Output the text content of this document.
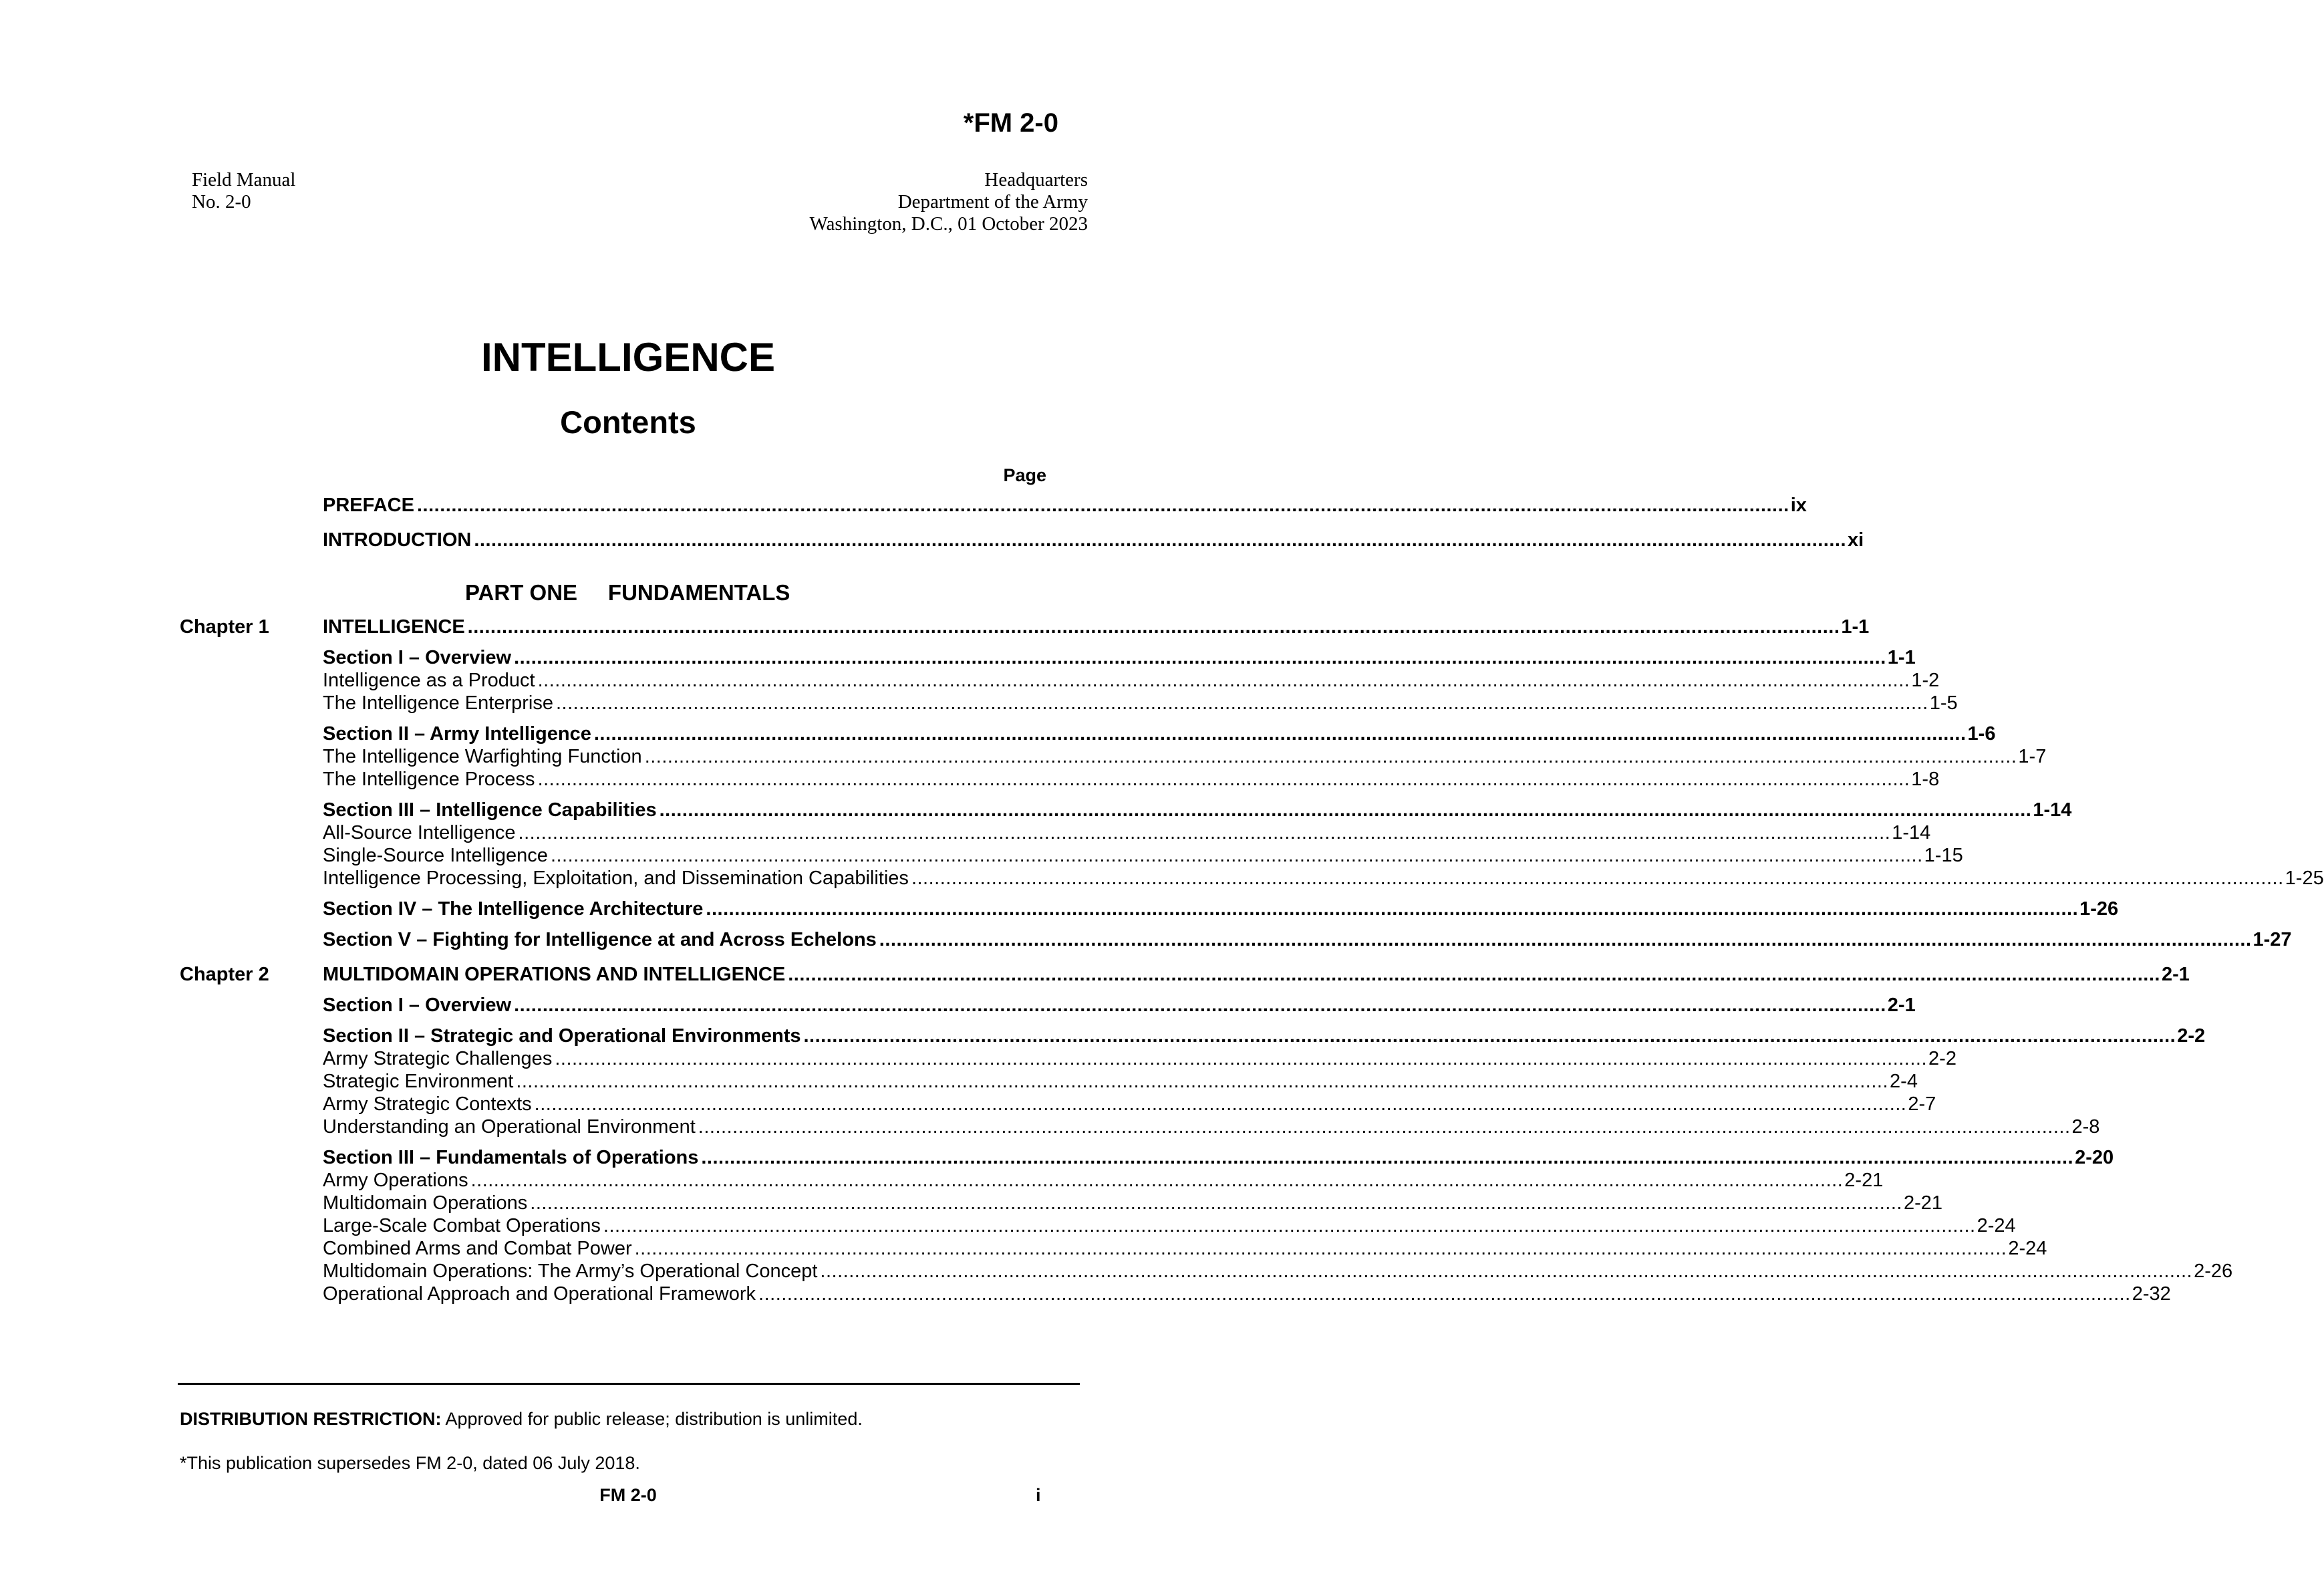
*FM 2-0
Field Manual
No. 2-0
Headquarters
Department of the Army
Washington, D.C., 01 October 2023
INTELLIGENCE
Contents
Page
PREFACE ................................................................................................................................................................................................................................................ ix
INTRODUCTION ................................................................................................................................................................................................................................................ xi
PART ONE FUNDAMENTALS
Chapter 1	INTELLIGENCE ................................................................................................................................................................................................................................................ 1-1
Section I – Overview ................................................................................................................................................................................................................................................ 1-1
Intelligence as a Product ................................................................................................................................................................................................................................................ 1-2
The Intelligence Enterprise ................................................................................................................................................................................................................................................ 1-5
Section II – Army Intelligence ................................................................................................................................................................................................................................................ 1-6
The Intelligence Warfighting Function ................................................................................................................................................................................................................................................ 1-7
The Intelligence Process ................................................................................................................................................................................................................................................ 1-8
Section III – Intelligence Capabilities ................................................................................................................................................................................................................................................ 1-14
All-Source Intelligence ................................................................................................................................................................................................................................................ 1-14
Single-Source Intelligence ................................................................................................................................................................................................................................................ 1-15
Intelligence Processing, Exploitation, and Dissemination Capabilities ................................................................................................................................................................................................................................................ 1-25
Section IV – The Intelligence Architecture ................................................................................................................................................................................................................................................ 1-26
Section V – Fighting for Intelligence at and Across Echelons ................................................................................................................................................................................................................................................ 1-27
Chapter 2	MULTIDOMAIN OPERATIONS AND INTELLIGENCE ................................................................................................................................................................................................................................................ 2-1
Section I – Overview ................................................................................................................................................................................................................................................ 2-1
Section II – Strategic and Operational Environments ................................................................................................................................................................................................................................................ 2-2
Army Strategic Challenges ................................................................................................................................................................................................................................................ 2-2
Strategic Environment ................................................................................................................................................................................................................................................ 2-4
Army Strategic Contexts ................................................................................................................................................................................................................................................ 2-7
Understanding an Operational Environment ................................................................................................................................................................................................................................................ 2-8
Section III – Fundamentals of Operations ................................................................................................................................................................................................................................................ 2-20
Army Operations ................................................................................................................................................................................................................................................ 2-21
Multidomain Operations ................................................................................................................................................................................................................................................ 2-21
Large-Scale Combat Operations ................................................................................................................................................................................................................................................ 2-24
Combined Arms and Combat Power ................................................................................................................................................................................................................................................ 2-24
Multidomain Operations: The Army’s Operational Concept ................................................................................................................................................................................................................................................ 2-26
Operational Approach and Operational Framework ................................................................................................................................................................................................................................................ 2-32
DISTRIBUTION RESTRICTION: Approved for public release; distribution is unlimited.
*This publication supersedes FM 2-0, dated 06 July 2018.
FM 2-0	i
